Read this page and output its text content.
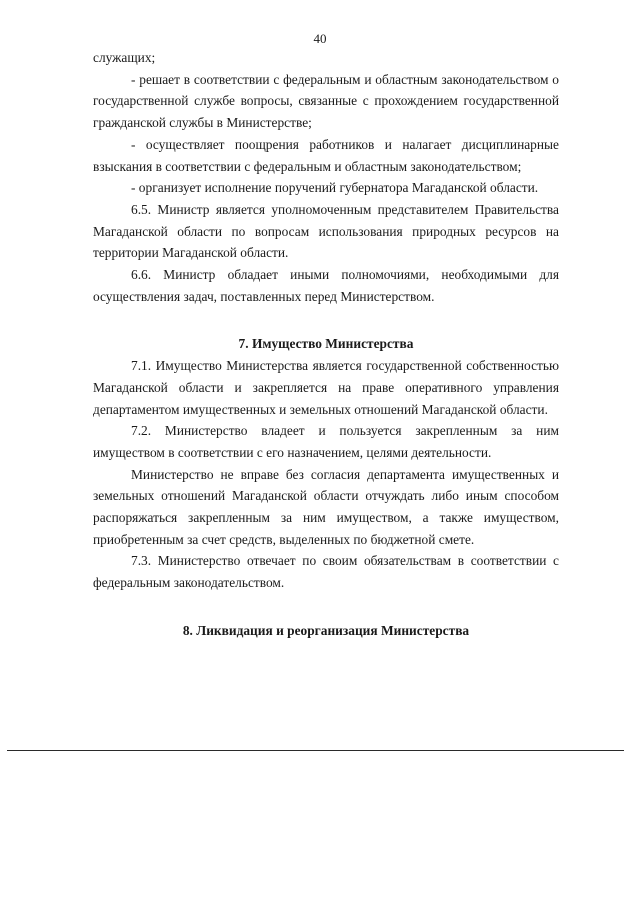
40

служащих;

- решает в соответствии с федеральным и областным законодательством о государственной службе вопросы, связанные с прохождением государственной гражданской службы в Министерстве;

- осуществляет поощрения работников и налагает дисциплинарные взыскания в соответствии с федеральным и областным законодательством;

- организует исполнение поручений губернатора Магаданской области.

6.5. Министр является уполномоченным представителем Правительства Магаданской области по вопросам использования природных ресурсов на территории Магаданской области.

6.6. Министр обладает иными полномочиями, необходимыми для осуществления задач, поставленных перед Министерством.

7. Имущество Министерства

7.1. Имущество Министерства является государственной собственностью Магаданской области и закрепляется на праве оперативного управления департаментом имущественных и земельных отношений Магаданской области.

7.2. Министерство владеет и пользуется закрепленным за ним имуществом в соответствии с его назначением, целями деятельности.

Министерство не вправе без согласия департамента имущественных и земельных отношений Магаданской области отчуждать либо иным способом распоряжаться закрепленным за ним имуществом, а также имуществом, приобретенным за счет средств, выделенных по бюджетной смете.

7.3. Министерство отвечает по своим обязательствам в соответствии с федеральным законодательством.

8. Ликвидация и реорганизация Министерства
